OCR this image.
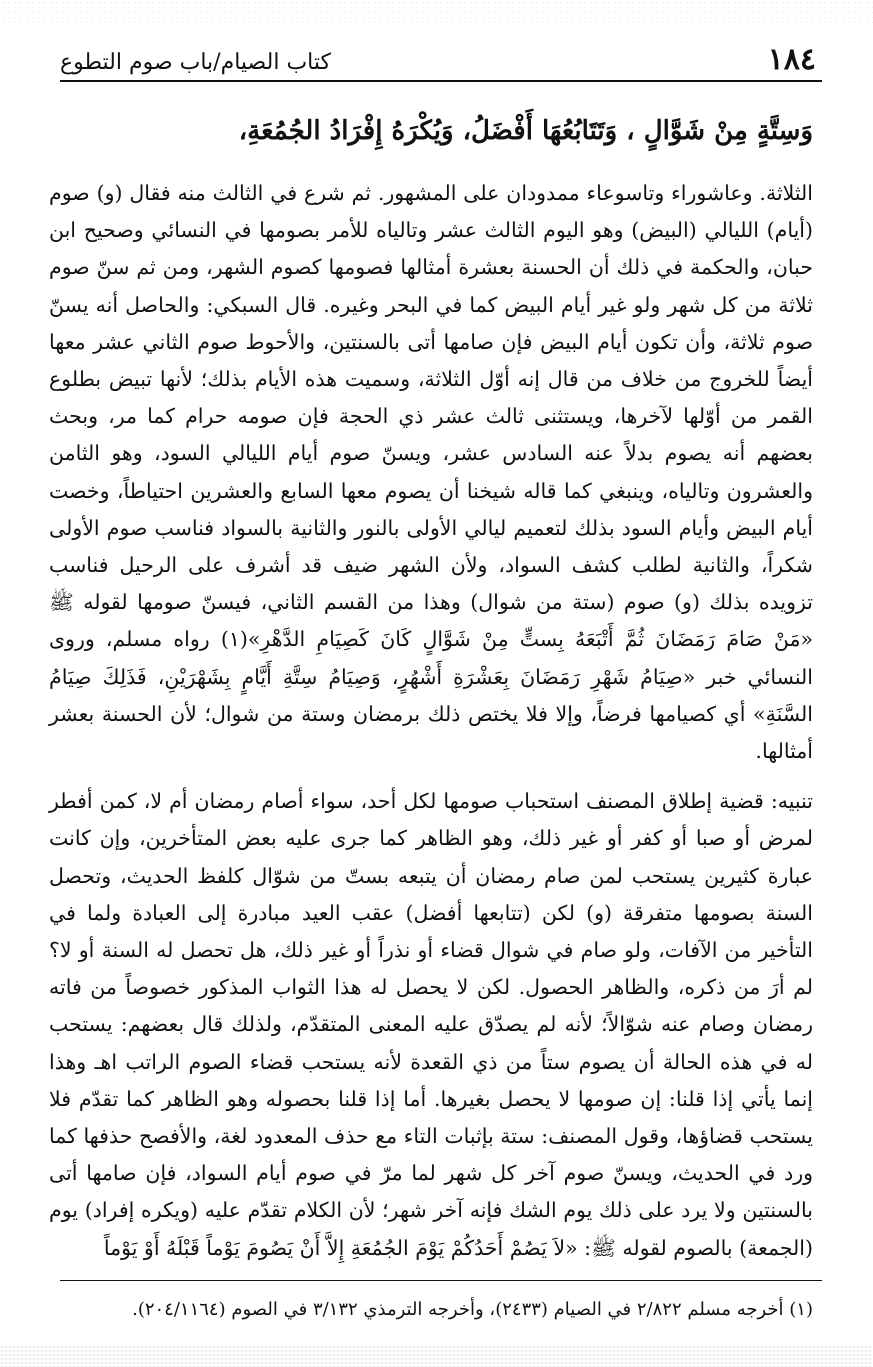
١٨٤
كتاب الصيام/باب صوم التطوع
وَسِتَّةٍ مِنْ شَوَّالٍ ، وَتَتَابُعُهَا أَفْضَلُ، وَيُكْرَهُ إِفْرَادُ الجُمُعَةِ،

الثلاثة. وعاشوراء وتاسوعاء ممدودان على المشهور. ثم شرع في الثالث منه فقال (و) صوم (أيام) الليالي (البيض) وهو اليوم الثالث عشر وتالياه للأمر بصومها في النسائي وصحيح ابن حبان، والحكمة في ذلك أن الحسنة بعشرة أمثالها فصومها كصوم الشهر، ومن ثم سنّ صوم ثلاثة من كل شهر ولو غير أيام البيض كما في البحر وغيره. قال السبكي: والحاصل أنه يسنّ صوم ثلاثة، وأن تكون أيام البيض فإن صامها أتى بالسنتين، والأحوط صوم الثاني عشر معها أيضاً للخروج من خلاف من قال إنه أوّل الثلاثة، وسميت هذه الأيام بذلك؛ لأنها تبيض بطلوع القمر من أوّلها لآخرها، ويستثنى ثالث عشر ذي الحجة فإن صومه حرام كما مر، وبحث بعضهم أنه يصوم بدلاً عنه السادس عشر، ويسنّ صوم أيام الليالي السود، وهو الثامن والعشرون وتالياه، وينبغي كما قاله شيخنا أن يصوم معها السابع والعشرين احتياطاً، وخصت أيام البيض وأيام السود بذلك لتعميم ليالي الأولى بالنور والثانية بالسواد فناسب صوم الأولى شكراً، والثانية لطلب كشف السواد، ولأن الشهر ضيف قد أشرف على الرحيل فناسب تزويده بذلك (و) صوم (ستة من شوال) وهذا من القسم الثاني، فيسنّ صومها لقوله ﷺ «مَنْ صَامَ رَمَضَانَ ثُمَّ أَتْبَعَهُ بِستٍّ مِنْ شَوَّالٍ كَانَ كَصِيَامِ الدَّهْرِ»(١) رواه مسلم، وروى النسائي خبر «صِيَامُ شَهْرِ رَمَضَانَ بِعَشْرَةِ أَشْهُرٍ، وَصِيَامُ سِتَّةِ أَيَّامٍ بِشَهْرَيْنِ، فَذَلِكَ صِيَامُ السَّنَةِ» أي كصيامها فرضاً، وإلا فلا يختص ذلك برمضان وستة من شوال؛ لأن الحسنة بعشر أمثالها.

تنبيه: قضية إطلاق المصنف استحباب صومها لكل أحد، سواء أصام رمضان أم لا، كمن أفطر لمرض أو صبا أو كفر أو غير ذلك، وهو الظاهر كما جرى عليه بعض المتأخرين، وإن كانت عبارة كثيرين يستحب لمن صام رمضان أن يتبعه بستّ من شوّال كلفظ الحديث، وتحصل السنة بصومها متفرقة (و) لكن (تتابعها أفضل) عقب العيد مبادرة إلى العبادة ولما في التأخير من الآفات، ولو صام في شوال قضاء أو نذراً أو غير ذلك، هل تحصل له السنة أو لا؟ لم أرَ من ذكره، والظاهر الحصول. لكن لا يحصل له هذا الثواب المذكور خصوصاً من فاته رمضان وصام عنه شوّالاً؛ لأنه لم يصدّق عليه المعنى المتقدّم، ولذلك قال بعضهم: يستحب له في هذه الحالة أن يصوم ستاً من ذي القعدة لأنه يستحب قضاء الصوم الراتب اهـ وهذا إنما يأتي إذا قلنا: إن صومها لا يحصل بغيرها. أما إذا قلنا بحصوله وهو الظاهر كما تقدّم فلا يستحب قضاؤها، وقول المصنف: ستة بإثبات التاء مع حذف المعدود لغة، والأفصح حذفها كما ورد في الحديث، ويسنّ صوم آخر كل شهر لما مرّ في صوم أيام السواد، فإن صامها أتى بالسنتين ولا يرد على ذلك يوم الشك فإنه آخر شهر؛ لأن الكلام تقدّم عليه (ويكره إفراد) يوم (الجمعة) بالصوم لقوله ﷺ: «لاَ يَصُمْ أَحَدُكُمْ يَوْمَ الجُمُعَةِ إِلاَّ أَنْ يَصُومَ يَوْماً قَبْلَهُ أَوْ يَوْماً

(١) أخرجه مسلم ٢/٨٢٢ في الصيام (٢٤٣٣)، وأخرجه الترمذي ٣/١٣٢ في الصوم (٢٠٤/١١٦٤).
